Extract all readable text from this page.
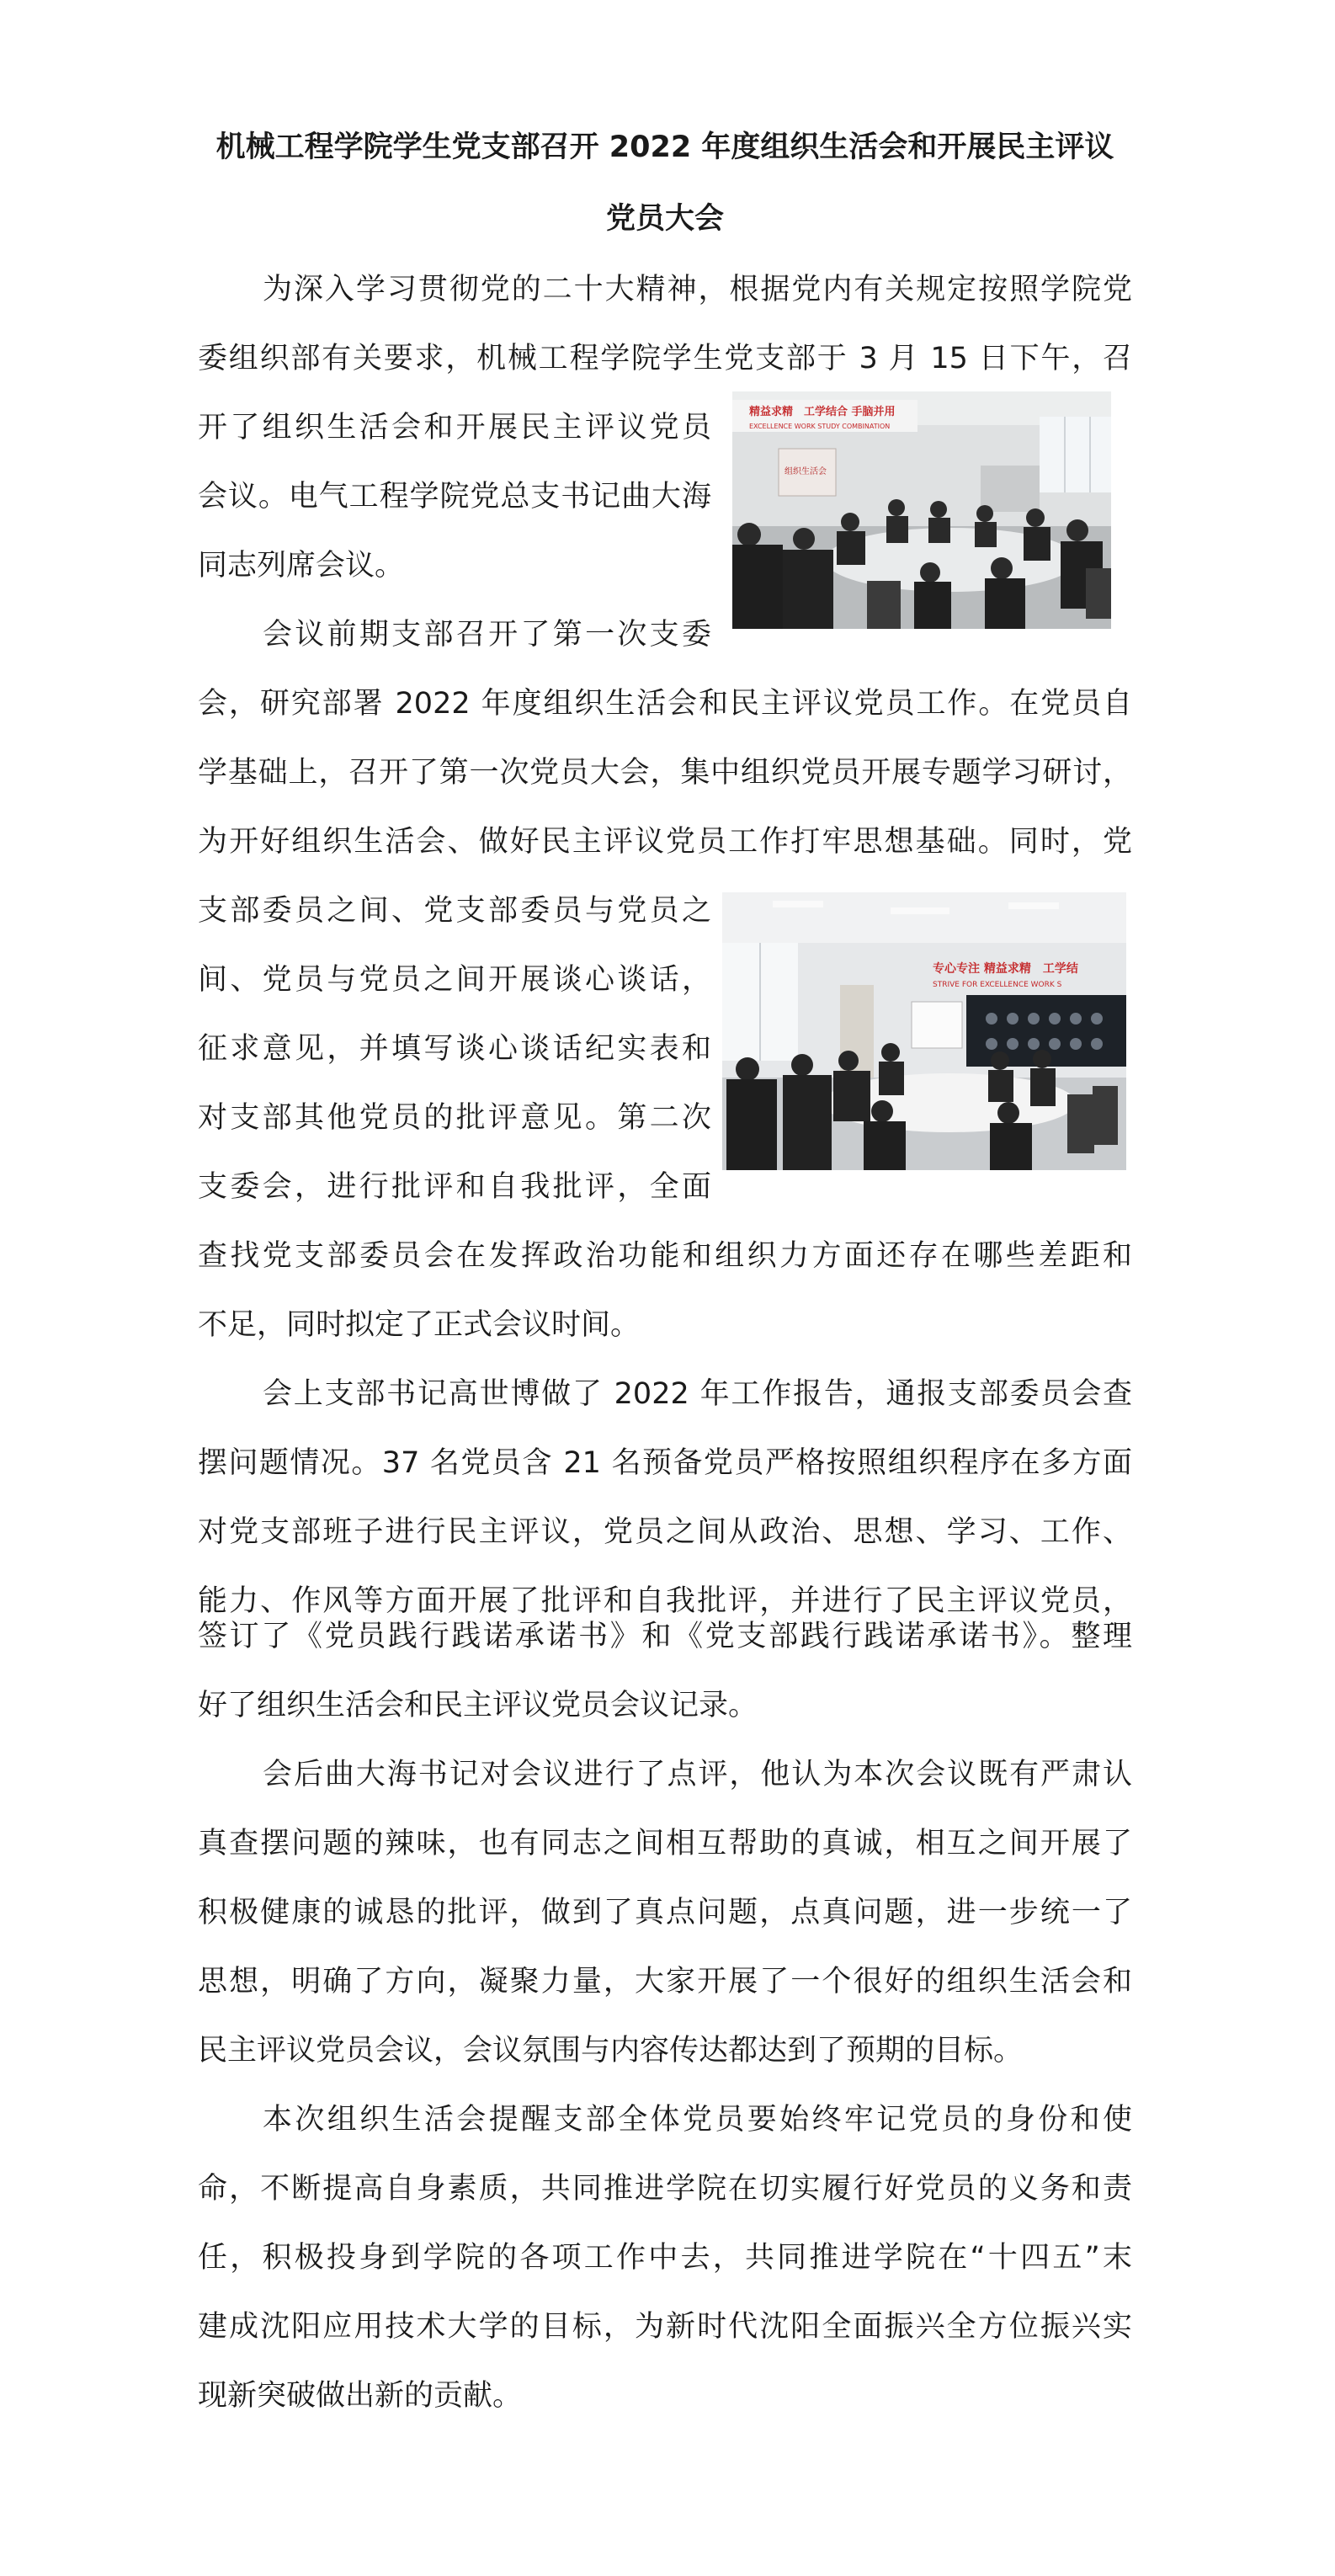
机械工程学院学生党支部召开 2022 年度组织生活会和开展民主评议
党员大会

为深入学习贯彻党的二十大精神，根据党内有关规定按照学院党

委组织部有关要求，机械工程学院学生党支部于 3 月 15 日下午，召

开了组织生活会和开展民主评议党员

会议。电气工程学院党总支书记曲大海

同志列席会议。

会议前期支部召开了第一次支委

会，研究部署 2022 年度组织生活会和民主评议党员工作。在党员自

学基础上，召开了第一次党员大会，集中组织党员开展专题学习研讨，

为开好组织生活会、做好民主评议党员工作打牢思想基础。同时，党

支部委员之间、党支部委员与党员之

间、党员与党员之间开展谈心谈话，

征求意见，并填写谈心谈话纪实表和

对支部其他党员的批评意见。第二次

支委会，进行批评和自我批评，全面

查找党支部委员会在发挥政治功能和组织力方面还存在哪些差距和

不足，同时拟定了正式会议时间。

会上支部书记高世博做了 2022 年工作报告，通报支部委员会查

摆问题情况。37 名党员含 21 名预备党员严格按照组织程序在多方面

对党支部班子进行民主评议，党员之间从政治、思想、学习、工作、

能力、作风等方面开展了批评和自我批评，并进行了民主评议党员，

签订了《党员践行践诺承诺书》和《党支部践行践诺承诺书》。整理

好了组织生活会和民主评议党员会议记录。

会后曲大海书记对会议进行了点评，他认为本次会议既有严肃认

真查摆问题的辣味，也有同志之间相互帮助的真诚，相互之间开展了

积极健康的诚恳的批评，做到了真点问题，点真问题，进一步统一了

思想，明确了方向，凝聚力量，大家开展了一个很好的组织生活会和

民主评议党员会议，会议氛围与内容传达都达到了预期的目标。

本次组织生活会提醒支部全体党员要始终牢记党员的身份和使

命，不断提高自身素质，共同推进学院在切实履行好党员的义务和责

任，积极投身到学院的各项工作中去，共同推进学院在“十四五”末

建成沈阳应用技术大学的目标，为新时代沈阳全面振兴全方位振兴实

现新突破做出新的贡献。

精益求精　工学结合 手脑并用
EXCELLENCE WORK STUDY COMBINATION
组织生活会
专心专注 精益求精　工学结
STRIVE FOR EXCELLENCE WORK S
